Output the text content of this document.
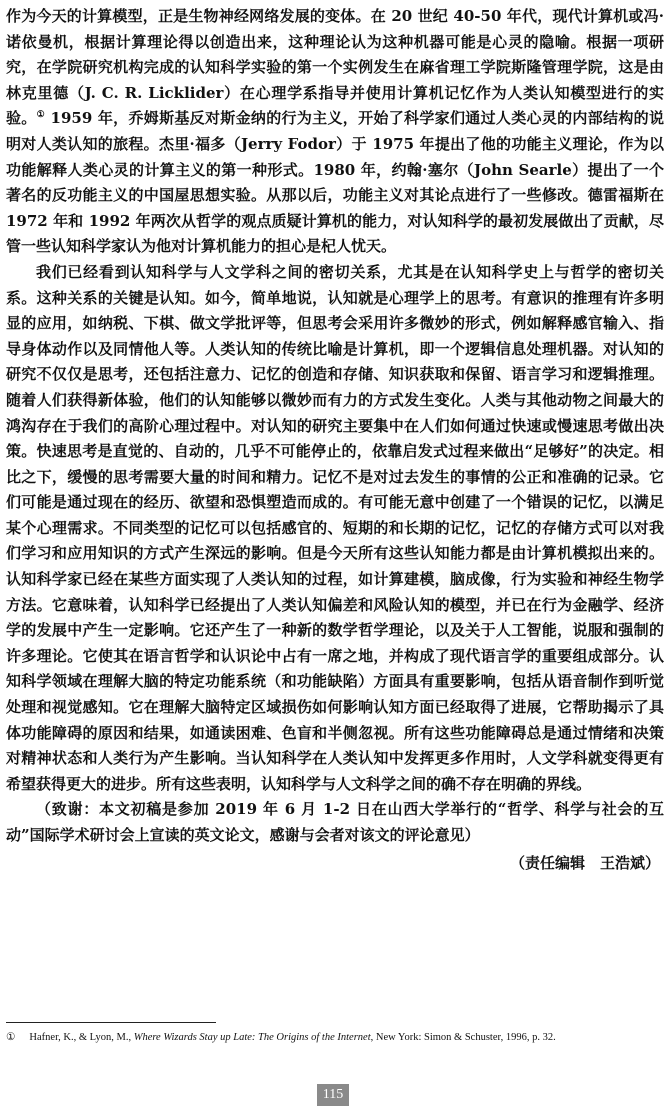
作为今天的计算模型，正是生物神经网络发展的变体。在 20 世纪 40-50 年代，现代计算机或冯·诺依曼机，根据计算理论得以创造出来，这种理论认为这种机器可能是心灵的隐喻。根据一项研究，在学院研究机构完成的认知科学实验的第一个实例发生在麻省理工学院斯隆管理学院，这是由林克里德（J. C. R. Licklider）在心理学系指导并使用计算机记忆作为人类认知模型进行的实验。① 1959 年，乔姆斯基反对斯金纳的行为主义，开始了科学家们通过人类心灵的内部结构的说明对人类认知的旅程。杰里·福多（Jerry Fodor）于 1975 年提出了他的功能主义理论，作为以功能解释人类心灵的计算主义的第一种形式。1980 年，约翰·塞尔（John Searle）提出了一个著名的反功能主义的中国屋思想实验。从那以后，功能主义对其论点进行了一些修改。德雷福斯在 1972 年和 1992 年两次从哲学的观点质疑计算机的能力，对认知科学的最初发展做出了贡献，尽管一些认知科学家认为他对计算机能力的担心是杞人忧天。

我们已经看到认知科学与人文学科之间的密切关系，尤其是在认知科学史上与哲学的密切关系。这种关系的关键是认知。如今，简单地说，认知就是心理学上的思考。有意识的推理有许多明显的应用，如纳税、下棋、做文学批评等，但思考会采用许多微妙的形式，例如解释感官输入、指导身体动作以及同情他人等。人类认知的传统比喻是计算机，即一个逻辑信息处理机器。对认知的研究不仅仅是思考，还包括注意力、记忆的创造和存储、知识获取和保留、语言学习和逻辑推理。随着人们获得新体验，他们的认知能够以微妙而有力的方式发生变化。人类与其他动物之间最大的鸿沟存在于我们的高阶心理过程中。对认知的研究主要集中在人们如何通过快速或慢速思考做出决策。快速思考是直觉的、自动的，几乎不可能停止的，依靠启发式过程来做出“足够好”的决定。相比之下，缓慢的思考需要大量的时间和精力。记忆不是对过去发生的事情的公正和准确的记录。它们可能是通过现在的经历、欲望和恐惧塑造而成的。有可能无意中创建了一个错误的记忆，以满足某个心理需求。不同类型的记忆可以包括感官的、短期的和长期的记忆，记忆的存储方式可以对我们学习和应用知识的方式产生深远的影响。但是今天所有这些认知能力都是由计算机模拟出来的。认知科学家已经在某些方面实现了人类认知的过程，如计算建模，脑成像，行为实验和神经生物学方法。它意味着，认知科学已经提出了人类认知偏差和风险认知的模型，并已在行为金融学、经济学的发展中产生一定影响。它还产生了一种新的数学哲学理论，以及关于人工智能，说服和强制的许多理论。它使其在语言哲学和认识论中占有一席之地，并构成了现代语言学的重要组成部分。认知科学领域在理解大脑的特定功能系统（和功能缺陷）方面具有重要影响，包括从语音制作到听觉处理和视觉感知。它在理解大脑特定区域损伤如何影响认知方面已经取得了进展，它帮助揭示了具体功能障碍的原因和结果，如通读困难、色盲和半侧忽视。所有这些功能障碍总是通过情绪和决策对精神状态和人类行为产生影响。当认知科学在人类认知中发挥更多作用时，人文学科就变得更有希望获得更大的进步。所有这些表明，认知科学与人文科学之间的确不存在明确的界线。

（致谢：本文初稿是参加 2019 年 6 月 1-2 日在山西大学举行的“哲学、科学与社会的互动”国际学术研讨会上宣读的英文论文，感谢与会者对该文的评论意见）

（责任编辑　王浩斌）
① Hafner, K., & Lyon, M., Where Wizards Stay up Late: The Origins of the Internet, New York: Simon & Schuster, 1996, p. 32.
115
